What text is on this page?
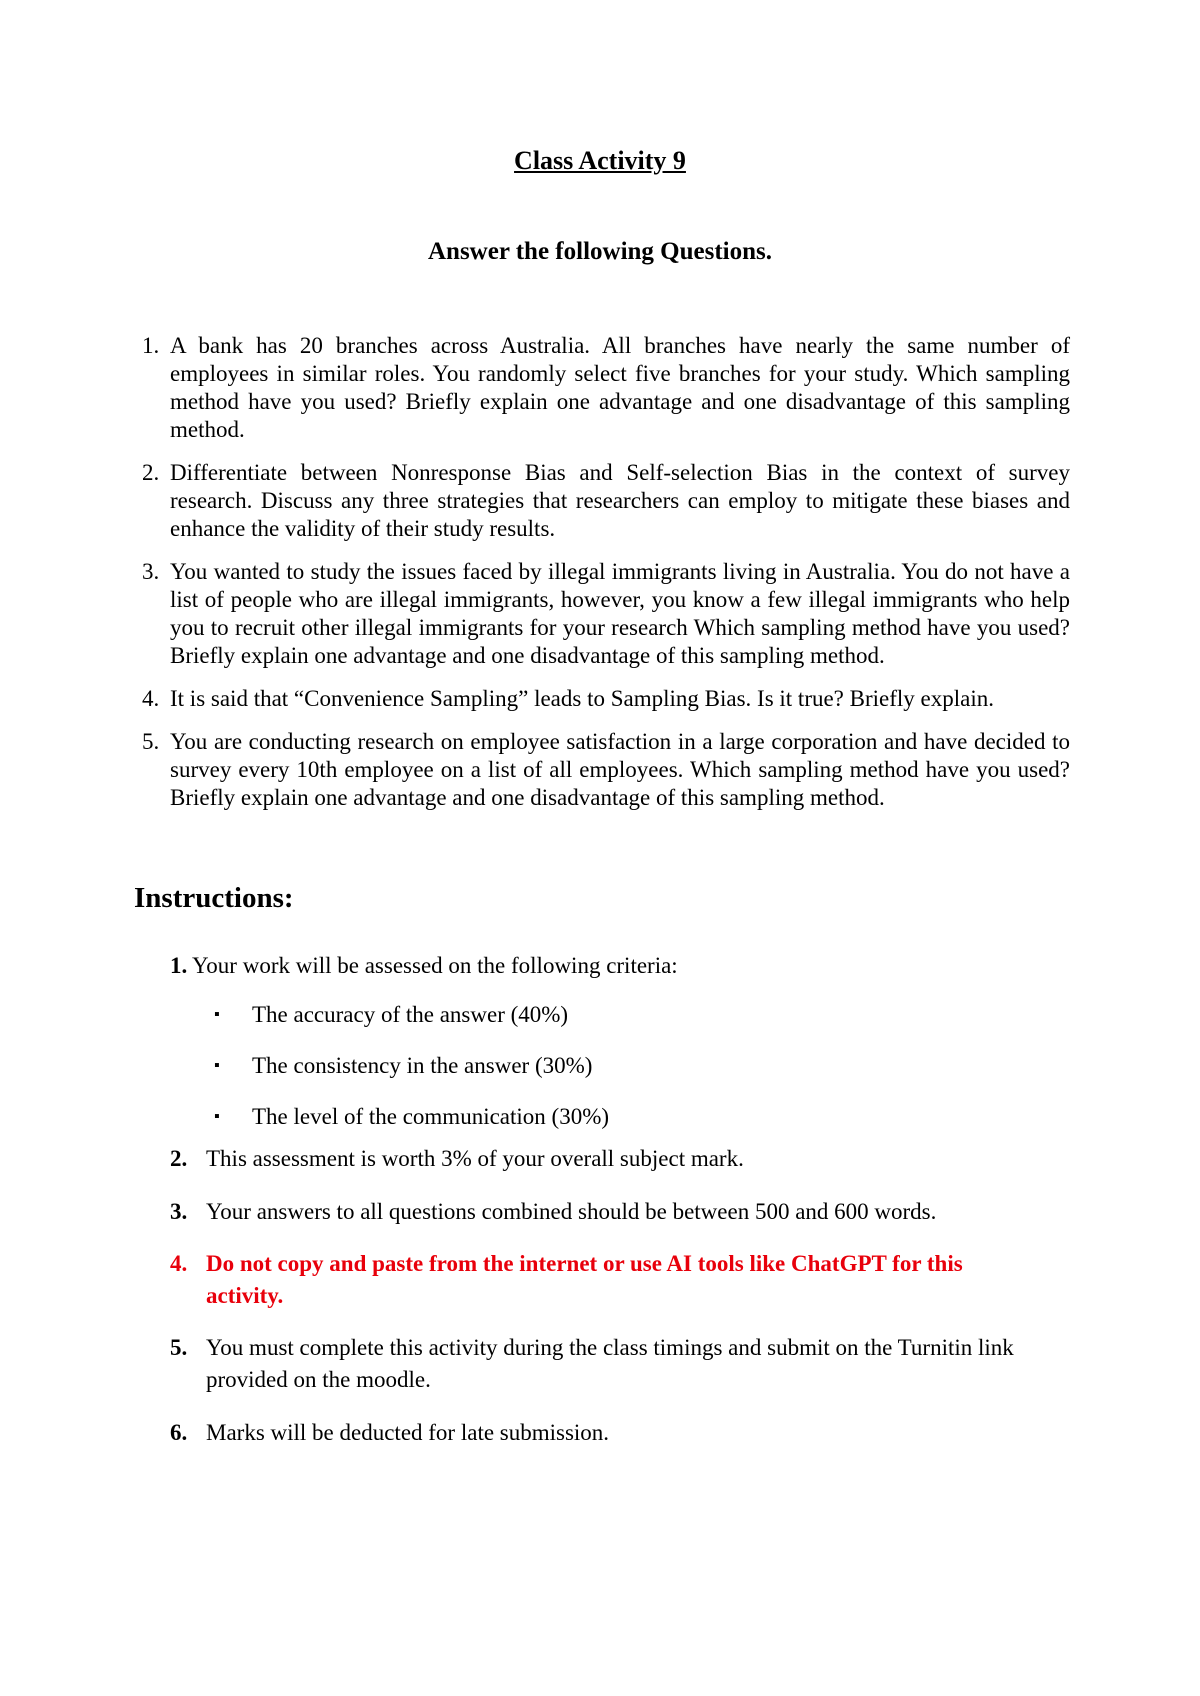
Class Activity 9
Answer the following Questions.
1. A bank has 20 branches across Australia. All branches have nearly the same number of employees in similar roles. You randomly select five branches for your study. Which sampling method have you used? Briefly explain one advantage and one disadvantage of this sampling method.
2. Differentiate between Nonresponse Bias and Self-selection Bias in the context of survey research. Discuss any three strategies that researchers can employ to mitigate these biases and enhance the validity of their study results.
3. You wanted to study the issues faced by illegal immigrants living in Australia. You do not have a list of people who are illegal immigrants, however, you know a few illegal immigrants who help you to recruit other illegal immigrants for your research Which sampling method have you used? Briefly explain one advantage and one disadvantage of this sampling method.
4. It is said that “Convenience Sampling” leads to Sampling Bias. Is it true? Briefly explain.
5. You are conducting research on employee satisfaction in a large corporation and have decided to survey every 10th employee on a list of all employees. Which sampling method have you used? Briefly explain one advantage and one disadvantage of this sampling method.
Instructions:

1. Your work will be assessed on the following criteria:

▪ The accuracy of the answer (40%)

▪ The consistency in the answer (30%)

▪ The level of the communication (30%)

2. This assessment is worth 3% of your overall subject mark.

3. Your answers to all questions combined should be between 500 and 600 words.

4. Do not copy and paste from the internet or use AI tools like ChatGPT for this
activity.

5. You must complete this activity during the class timings and submit on the Turnitin link
provided on the moodle.

6. Marks will be deducted for late submission.
